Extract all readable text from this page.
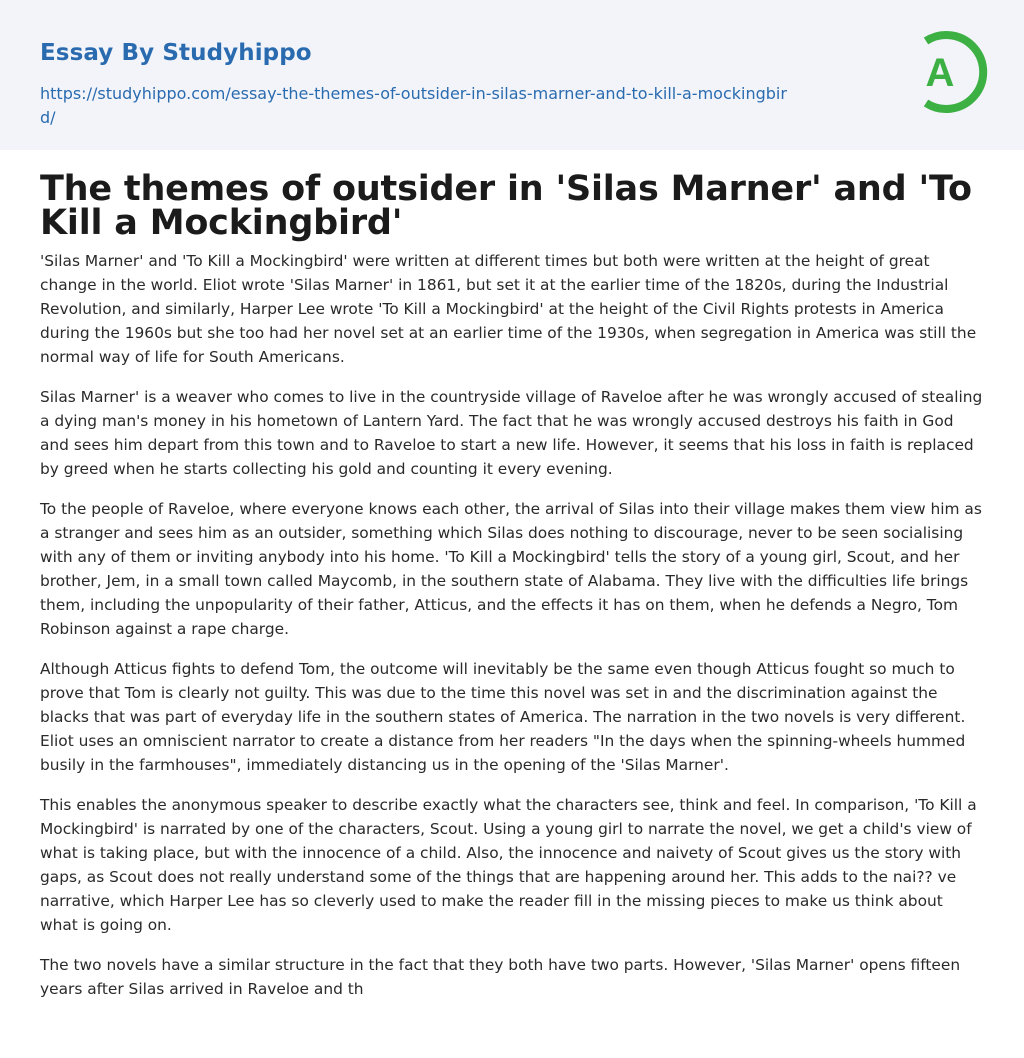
Essay By Studyhippo
https://studyhippo.com/essay-the-themes-of-outsider-in-silas-marner-and-to-kill-a-mockingbird/
A
The themes of outsider in 'Silas Marner' and 'To Kill a Mockingbird'

'Silas Marner' and 'To Kill a Mockingbird' were written at different times but both were written at the height of great change in the world. Eliot wrote 'Silas Marner' in 1861, but set it at the earlier time of the 1820s, during the Industrial Revolution, and similarly, Harper Lee wrote 'To Kill a Mockingbird' at the height of the Civil Rights protests in America during the 1960s but she too had her novel set at an earlier time of the 1930s, when segregation in America was still the normal way of life for South Americans.

Silas Marner' is a weaver who comes to live in the countryside village of Raveloe after he was wrongly accused of stealing a dying man's money in his hometown of Lantern Yard. The fact that he was wrongly accused destroys his faith in God and sees him depart from this town and to Raveloe to start a new life. However, it seems that his loss in faith is replaced by greed when he starts collecting his gold and counting it every evening.

To the people of Raveloe, where everyone knows each other, the arrival of Silas into their village makes them view him as a stranger and sees him as an outsider, something which Silas does nothing to discourage, never to be seen socialising with any of them or inviting anybody into his home. 'To Kill a Mockingbird' tells the story of a young girl, Scout, and her brother, Jem, in a small town called Maycomb, in the southern state of Alabama. They live with the difficulties life brings them, including the unpopularity of their father, Atticus, and the effects it has on them, when he defends a Negro, Tom Robinson against a rape charge.

Although Atticus fights to defend Tom, the outcome will inevitably be the same even though Atticus fought so much to prove that Tom is clearly not guilty. This was due to the time this novel was set in and the discrimination against the blacks that was part of everyday life in the southern states of America. The narration in the two novels is very different. Eliot uses an omniscient narrator to create a distance from her readers "In the days when the spinning-wheels hummed busily in the farmhouses", immediately distancing us in the opening of the 'Silas Marner'.

This enables the anonymous speaker to describe exactly what the characters see, think and feel. In comparison, 'To Kill a Mockingbird' is narrated by one of the characters, Scout. Using a young girl to narrate the novel, we get a child's view of what is taking place, but with the innocence of a child. Also, the innocence and naivety of Scout gives us the story with gaps, as Scout does not really understand some of the things that are happening around her. This adds to the nai?? ve narrative, which Harper Lee has so cleverly used to make the reader fill in the missing pieces to make us think about what is going on.

The two novels have a similar structure in the fact that they both have two parts. However, 'Silas Marner' opens fifteen years after Silas arrived in Raveloe and th
